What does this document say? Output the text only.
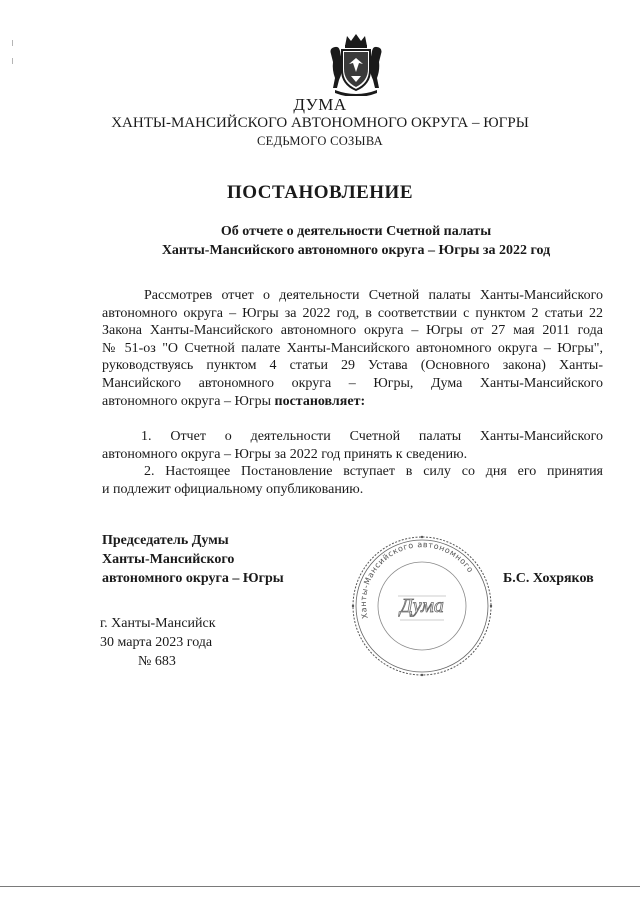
ДУМА
ХАНТЫ-МАНСИЙСКОГО АВТОНОМНОГО ОКРУГА – ЮГРЫ
СЕДЬМОГО СОЗЫВА
ПОСТАНОВЛЕНИЕ
Об отчете о деятельности Счетной палаты
Ханты-Мансийского автономного округа – Югры за 2022 год
Рассмотрев отчет о деятельности Счетной палаты Ханты-Мансийского
автономного округа – Югры за 2022 год, в соответствии с пунктом 2 статьи 22
Закона Ханты-Мансийского автономного округа – Югры от 27 мая 2011 года
№ 51-оз "О Счетной палате Ханты-Мансийского автономного округа – Югры",
руководствуясь пунктом 4 статьи 29 Устава (Основного закона) Ханты-
Мансийского автономного округа – Югры, Дума Ханты-Мансийского
автономного округа – Югры постановляет:
1. Отчет о деятельности Счетной палаты Ханты-Мансийского
автономного округа – Югры за 2022 год принять к сведению.
2. Настоящее Постановление вступает в силу со дня его принятия
и подлежит официальному опубликованию.
Председатель Думы
Ханты-Мансийского
автономного округа – Югры
Ханты-Мансийского автономного
Дума
Б.С. Хохряков
г. Ханты-Мансийск
30 марта 2023 года
№ 683
